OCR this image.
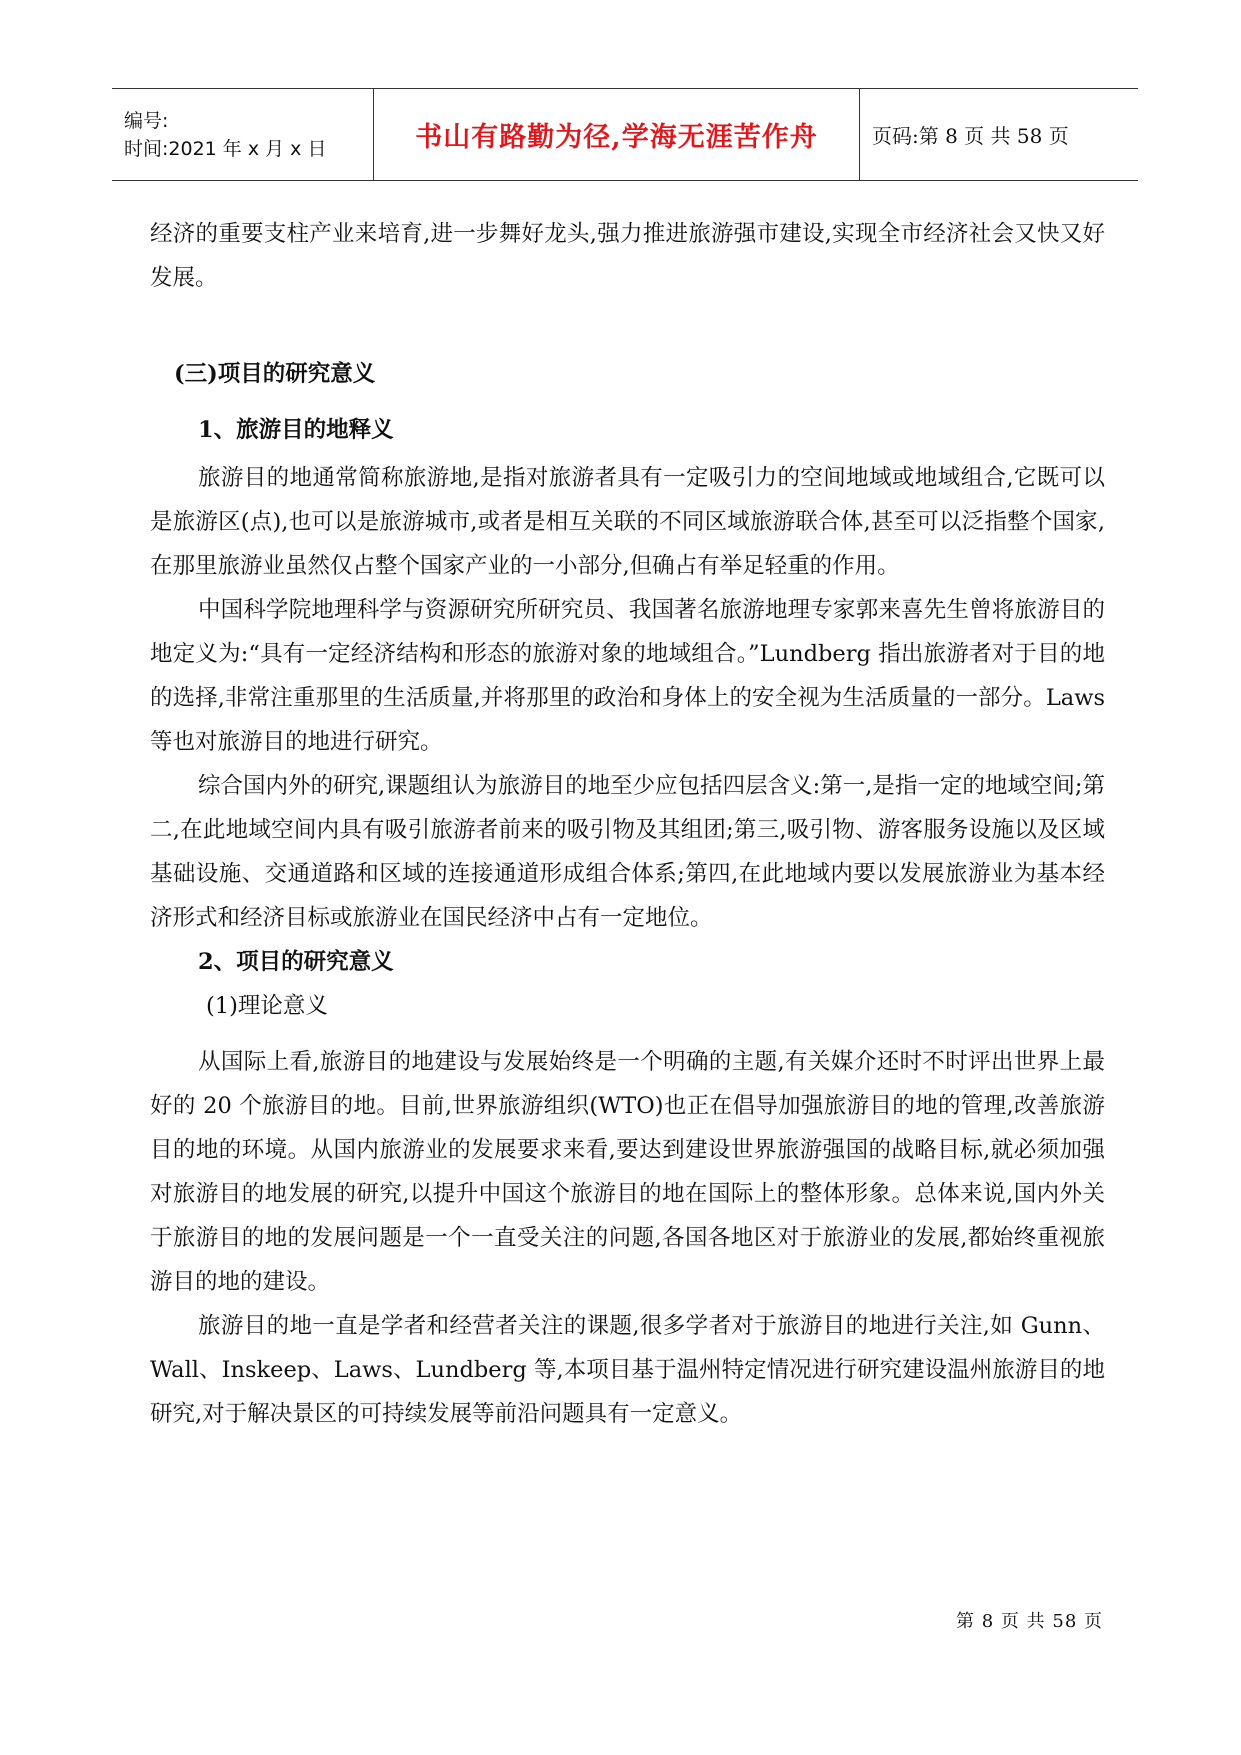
编号:
时间:2021 年 x 月 x 日	书山有路勤为径,学海无涯苦作舟	页码:第 8 页 共 58 页

经济的重要支柱产业来培育,进一步舞好龙头,强力推进旅游强市建设,实现全市经济社会又快又好发展。

(三)项目的研究意义

1、旅游目的地释义

旅游目的地通常简称旅游地,是指对旅游者具有一定吸引力的空间地域或地域组合,它既可以是旅游区(点),也可以是旅游城市,或者是相互关联的不同区域旅游联合体,甚至可以泛指整个国家,在那里旅游业虽然仅占整个国家产业的一小部分,但确占有举足轻重的作用。

中国科学院地理科学与资源研究所研究员、我国著名旅游地理专家郭来喜先生曾将旅游目的地定义为:“具有一定经济结构和形态的旅游对象的地域组合。”Lundberg 指出旅游者对于目的地的选择,非常注重那里的生活质量,并将那里的政治和身体上的安全视为生活质量的一部分。Laws 等也对旅游目的地进行研究。

综合国内外的研究,课题组认为旅游目的地至少应包括四层含义:第一,是指一定的地域空间;第二,在此地域空间内具有吸引旅游者前来的吸引物及其组团;第三,吸引物、游客服务设施以及区域基础设施、交通道路和区域的连接通道形成组合体系;第四,在此地域内要以发展旅游业为基本经济形式和经济目标或旅游业在国民经济中占有一定地位。

2、项目的研究意义

(1)理论意义

从国际上看,旅游目的地建设与发展始终是一个明确的主题,有关媒介还时不时评出世界上最好的 20 个旅游目的地。目前,世界旅游组织(WTO)也正在倡导加强旅游目的地的管理,改善旅游目的地的环境。从国内旅游业的发展要求来看,要达到建设世界旅游强国的战略目标,就必须加强对旅游目的地发展的研究,以提升中国这个旅游目的地在国际上的整体形象。总体来说,国内外关于旅游目的地的发展问题是一个一直受关注的问题,各国各地区对于旅游业的发展,都始终重视旅游目的地的建设。

旅游目的地一直是学者和经营者关注的课题,很多学者对于旅游目的地进行关注,如 Gunn、Wall、Inskeep、Laws、Lundberg 等,本项目基于温州特定情况进行研究建设温州旅游目的地研究,对于解决景区的可持续发展等前沿问题具有一定意义。

第 8 页 共 58 页
